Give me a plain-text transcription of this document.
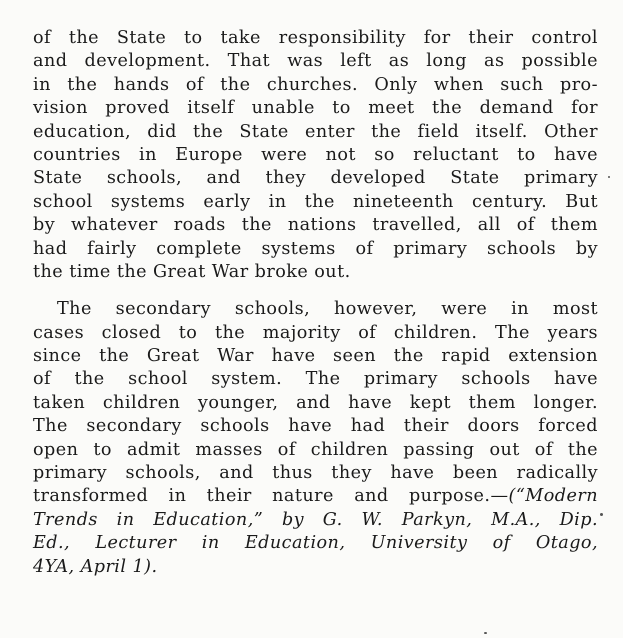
of the State to take responsibility for their control
and development. That was left as long as possible
in the hands of the churches. Only when such pro-
vision proved itself unable to meet the demand for
education, did the State enter the field itself. Other
countries in Europe were not so reluctant to have
State schools, and they developed State primary
school systems early in the nineteenth century. But
by whatever roads the nations travelled, all of them
had fairly complete systems of primary schools by
the time the Great War broke out.
The secondary schools, however, were in most
cases closed to the majority of children. The years
since the Great War have seen the rapid extension
of the school system. The primary schools have
taken children younger, and have kept them longer.
The secondary schools have had their doors forced
open to admit masses of children passing out of the
primary schools, and thus they have been radically
transformed in their nature and purpose.—(“Modern
Trends in Education,” by G. W. Parkyn, M.A., Dip.
Ed., Lecturer in Education, University of Otago,
4YA, April 1).
